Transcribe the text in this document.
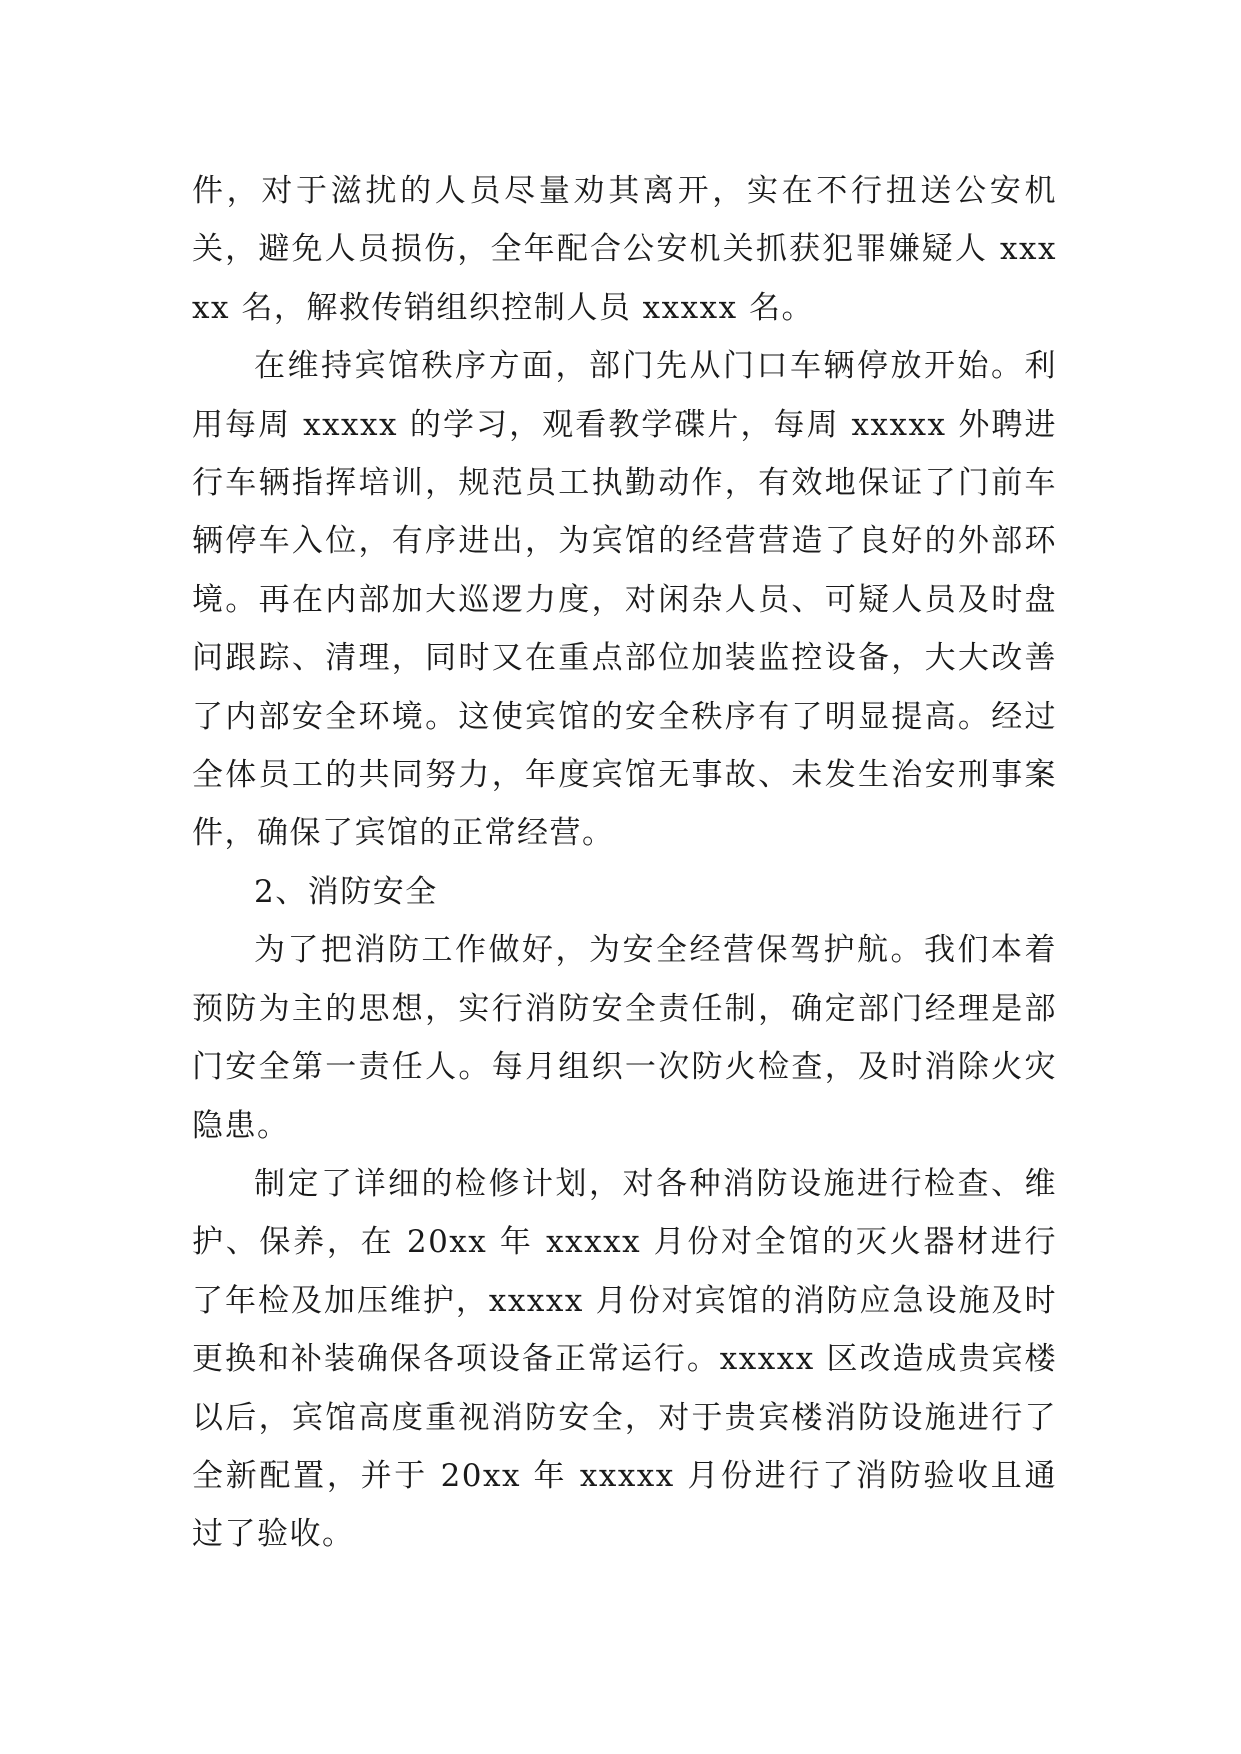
件，对于滋扰的人员尽量劝其离开，实在不行扭送公安机关，避免人员损伤，全年配合公安机关抓获犯罪嫌疑人 xxxxx 名，解救传销组织控制人员 xxxxx 名。

在维持宾馆秩序方面，部门先从门口车辆停放开始。利用每周 xxxxx 的学习，观看教学碟片，每周 xxxxx 外聘进行车辆指挥培训，规范员工执勤动作，有效地保证了门前车辆停车入位，有序进出，为宾馆的经营营造了良好的外部环境。再在内部加大巡逻力度，对闲杂人员、可疑人员及时盘问跟踪、清理，同时又在重点部位加装监控设备，大大改善了内部安全环境。这使宾馆的安全秩序有了明显提高。经过全体员工的共同努力，年度宾馆无事故、未发生治安刑事案件，确保了宾馆的正常经营。

2、消防安全

为了把消防工作做好，为安全经营保驾护航。我们本着预防为主的思想，实行消防安全责任制，确定部门经理是部门安全第一责任人。每月组织一次防火检查，及时消除火灾隐患。

制定了详细的检修计划，对各种消防设施进行检查、维护、保养，在 20xx 年 xxxxx 月份对全馆的灭火器材进行了年检及加压维护，xxxxx 月份对宾馆的消防应急设施及时更换和补装确保各项设备正常运行。xxxxx 区改造成贵宾楼以后，宾馆高度重视消防安全，对于贵宾楼消防设施进行了全新配置，并于 20xx 年 xxxxx 月份进行了消防验收且通过了验收。
